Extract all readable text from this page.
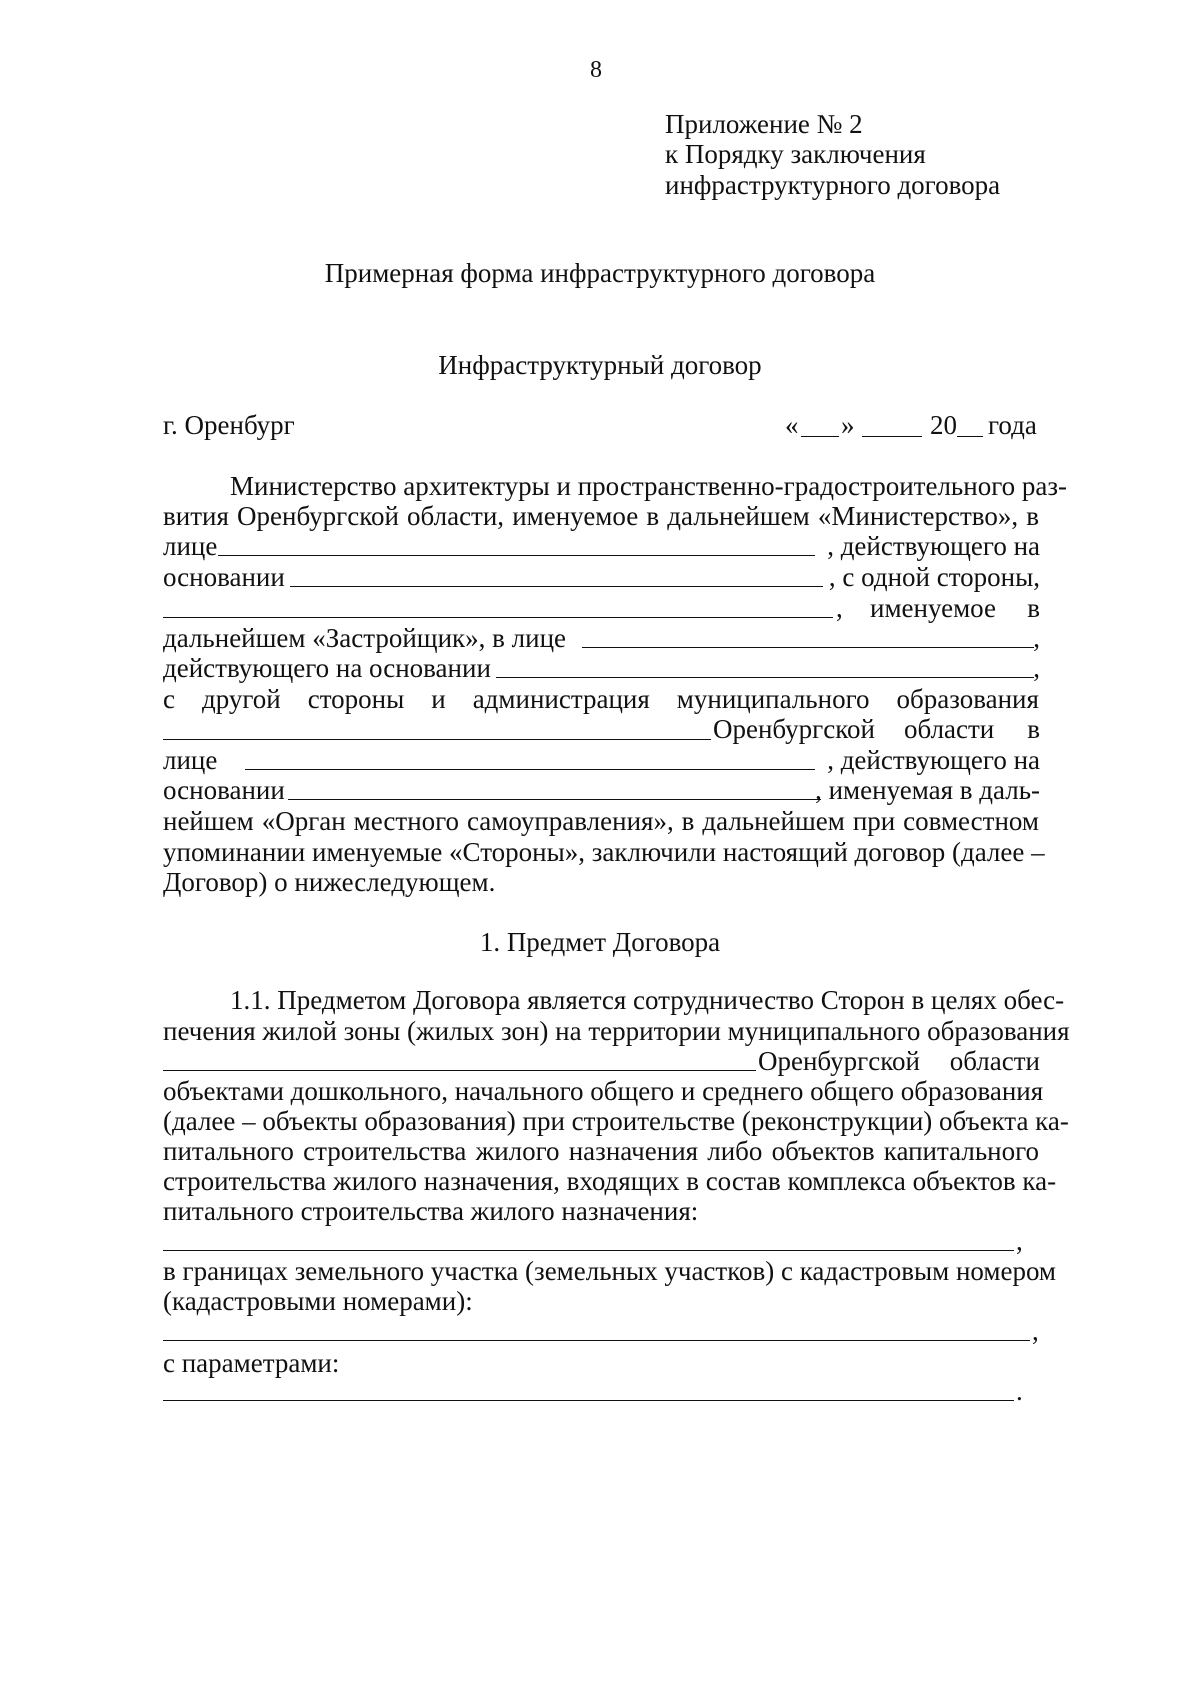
8
Приложение № 2
к Порядку заключения
инфраструктурного договора
Примерная форма инфраструктурного договора
Инфраструктурный договор
г. Оренбург	« »	20 года
Министерство архитектуры и пространственно-градостроительного раз-
вития Оренбургской области, именуемое в дальнейшем «Министерство», в
лице	, действующего на
основании	, с одной стороны,
, именуемое в
дальнейшем «Застройщик», в лице	,
действующего на основании	,
с другой стороны и администрация муниципального образования
Оренбургской области в
лице	, действующего на
основании	, именуемая в даль-
нейшем «Орган местного самоуправления», в дальнейшем при совместном
упоминании именуемые «Стороны», заключили настоящий договор (далее –
Договор) о нижеследующем.
1. Предмет Договора
1.1. Предметом Договора является сотрудничество Сторон в целях обес-
печения жилой зоны (жилых зон) на территории муниципального образования
Оренбургской области
объектами дошкольного, начального общего и среднего общего образования
(далее – объекты образования) при строительстве (реконструкции) объекта ка-
питального строительства жилого назначения либо объектов капитального
строительства жилого назначения, входящих в состав комплекса объектов ка-
питального строительства жилого назначения:
,
в границах земельного участка (земельных участков) с кадастровым номером
(кадастровыми номерами):
,
с параметрами:
.
